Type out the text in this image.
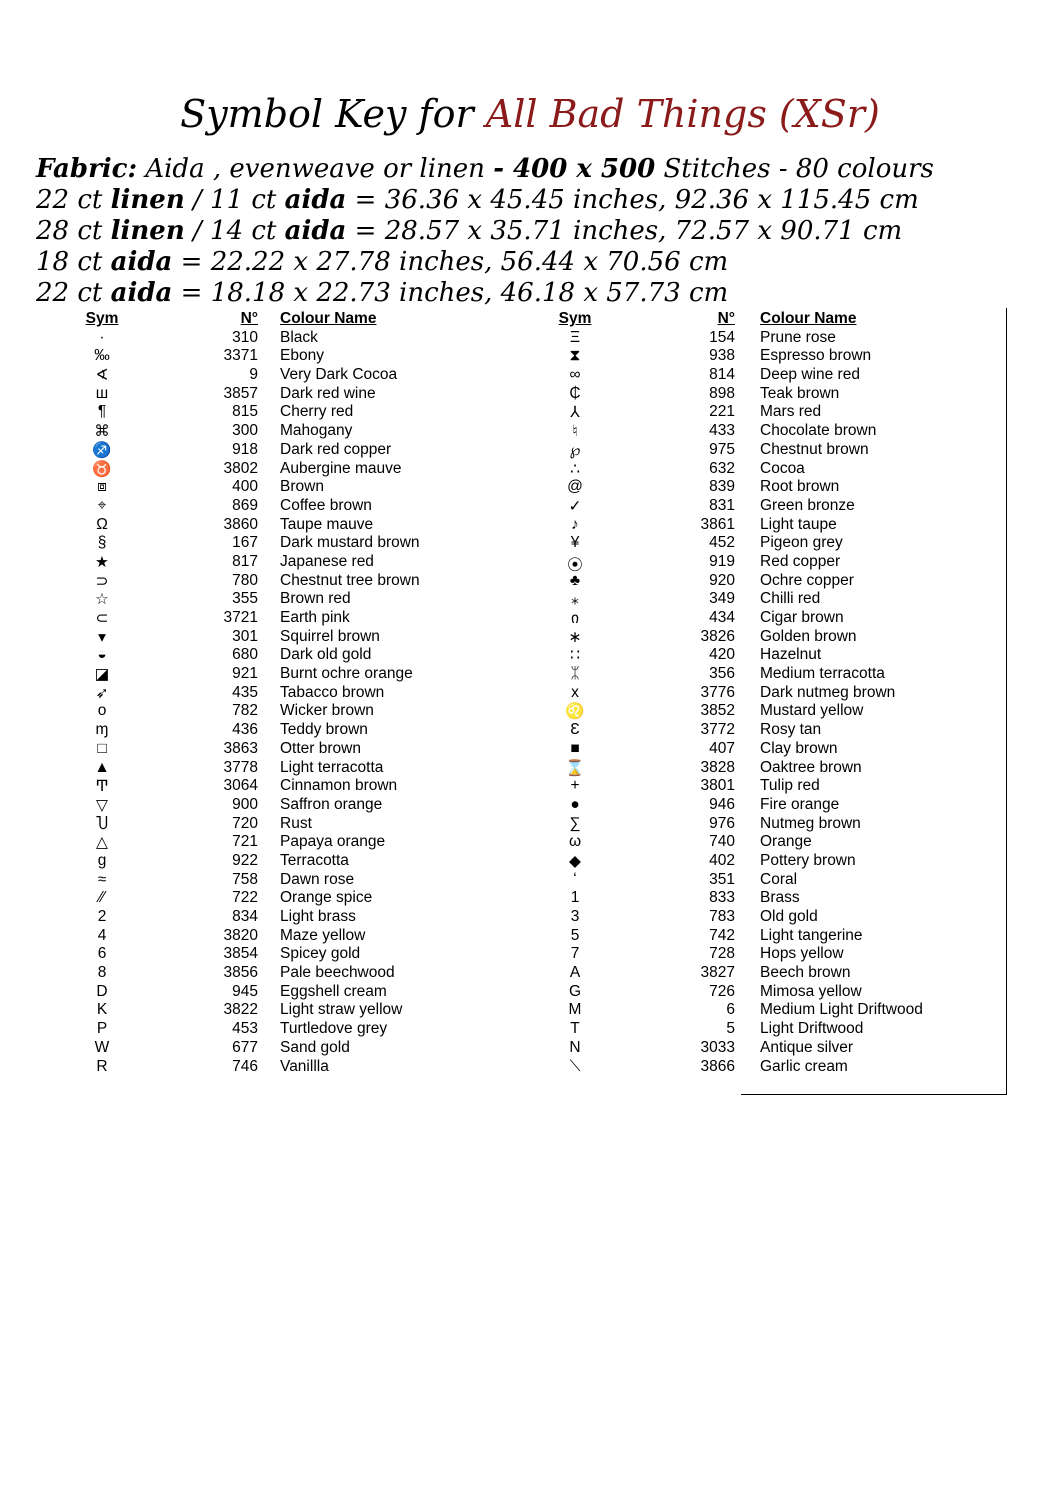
Symbol Key for All Bad Things (XSr)
Fabric: Aida , evenweave or linen - 400 x 500 Stitches - 80 colours
22 ct linen / 11 ct aida = 36.36 x 45.45 inches, 92.36 x 115.45 cm
28 ct linen / 14 ct aida = 28.57 x 35.71 inches, 72.57 x 90.71 cm
18 ct aida = 22.22 x 27.78 inches, 56.44 x 70.56 cm
22 ct aida = 18.18 x 22.73 inches, 46.18 x 57.73 cm
Sym	N° Colour Name
·	310 Black
‰	3371 Ebony
∢	9 Very Dark Cocoa
ш	3857 Dark red wine
¶	815 Cherry red
⌘	300 Mahogany
♐	918 Dark red copper
♉	3802 Aubergine mauve
⧈	400 Brown
⌖	869 Coffee brown
Ω	3860 Taupe mauve
§	167 Dark mustard brown
★	817 Japanese red
⊃	780 Chestnut tree brown
☆	355 Brown red
⊂	3721 Earth pink
▾	301 Squirrel brown
◒	680 Dark old gold
◪	921 Burnt ochre orange
➶	435 Tabacco brown
o	782 Wicker brown
ɱ	436 Teddy brown
□	3863 Otter brown
▲	3778 Light terracotta
Ͳ	3064 Cinnamon brown
▽	900 Saffron orange
Ⴎ	720 Rust
△	721 Papaya orange
g	922 Terracotta
≈	758 Dawn rose
⁄⁄	722 Orange spice
2	834 Light brass
4	3820 Maze yellow
6	3854 Spicey gold
8	3856 Pale beechwood
D	945 Eggshell cream
K	3822 Light straw yellow
P	453 Turtledove grey
W	677 Sand gold
R	746 Vanillla
Sym	N° Colour Name
Ξ	154 Prune rose
⧗	938 Espresso brown
∞	814 Deep wine red
₵	898 Teak brown
⅄	221 Mars red
♮	433 Chocolate brown
℘	975 Chestnut brown
∴	632 Cocoa
@	839 Root brown
✓	831 Green bronze
♪	3861 Light taupe
¥	452 Pigeon grey
⦿	919 Red copper
♣	920 Ochre copper
⁎	349 Chilli red
ი	434 Cigar brown
∗	3826 Golden brown
∷	420 Hazelnut
ᛯ	356 Medium terracotta
x	3776 Dark nutmeg brown
♌	3852 Mustard yellow
Ɛ	3772 Rosy tan
■	407 Clay brown
⌛	3828 Oaktree brown
+	3801 Tulip red
●	946 Fire orange
∑	976 Nutmeg brown
ω	740 Orange
◆	402 Pottery brown
ʻ	351 Coral
1	833 Brass
3	783 Old gold
5	742 Light tangerine
7	728 Hops yellow
A	3827 Beech brown
G	726 Mimosa yellow
M	6 Medium Light Driftwood
T	5 Light Driftwood
N	3033 Antique silver
⟍	3866 Garlic cream
